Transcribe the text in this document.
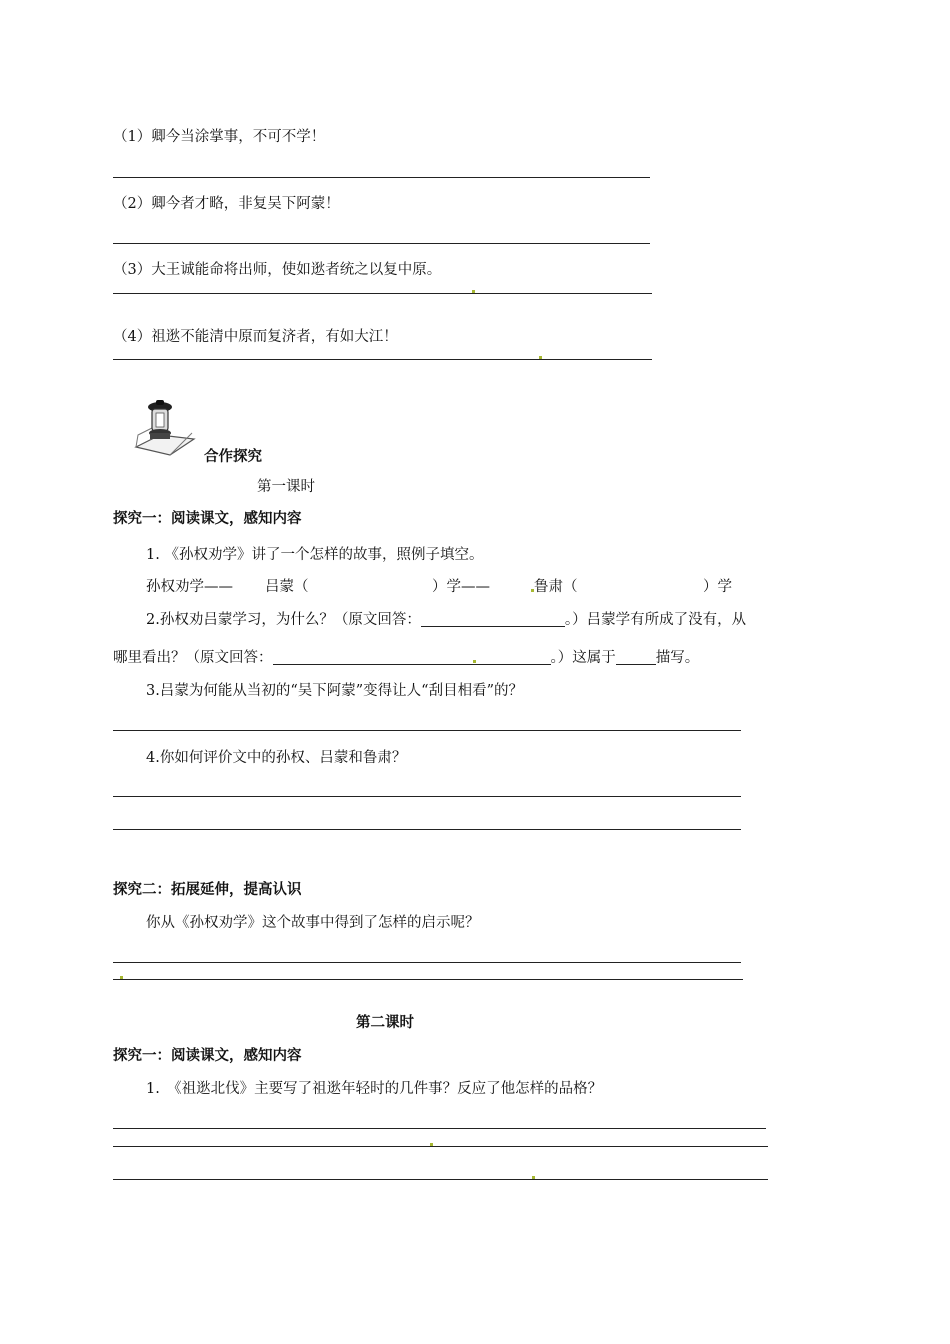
（1）卿今当涂掌事，不可不学！
（2）卿今者才略，非复吴下阿蒙！
（3）大王诚能命将出师，使如逖者统之以复中原。
（4）祖逖不能清中原而复济者，有如大江！
合作探究
第一课时
探究一：阅读课文，感知内容
1. 《孙权劝学》讲了一个怎样的故事，照例子填空。
孙权劝学—— 吕蒙（	）学——	鲁肃（	）学
2.孙权劝吕蒙学习，为什么？（原文回答：	。）吕蒙学有所成了没有，从
哪里看出？（原文回答：	。）这属于	描写。
3.吕蒙为何能从当初的“吴下阿蒙”变得让人“刮目相看”的？
4.你如何评价文中的孙权、吕蒙和鲁肃？
探究二：拓展延伸，提高认识
你从《孙权劝学》这个故事中得到了怎样的启示呢？
第二课时
探究一：阅读课文，感知内容
1.　《祖逖北伐》主要写了祖逖年轻时的几件事？反应了他怎样的品格？
